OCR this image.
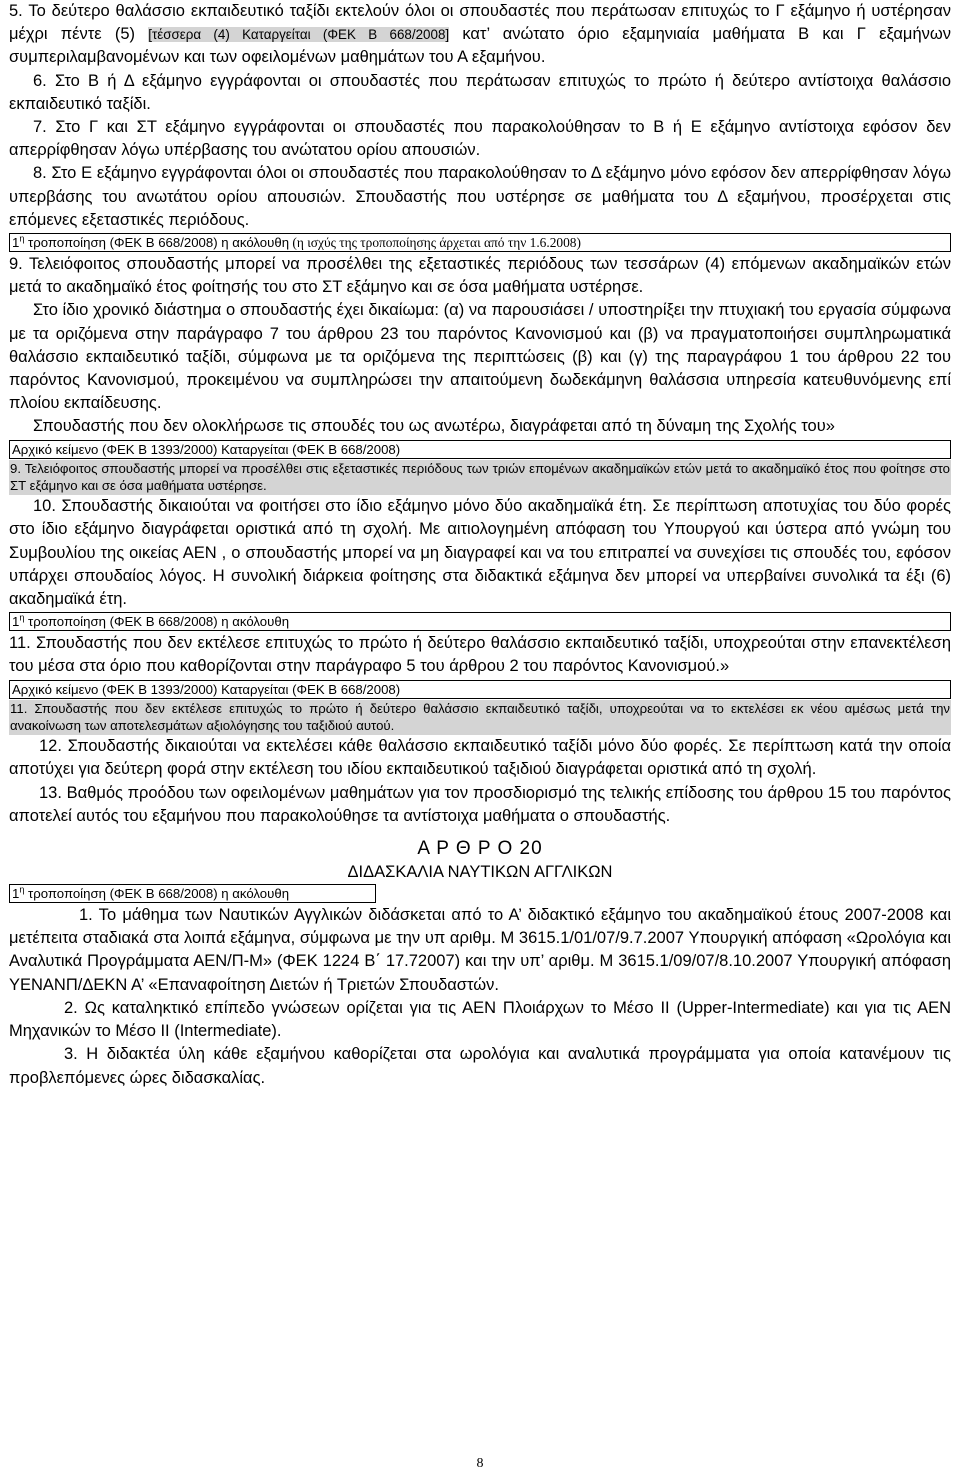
5. Το δεύτερο θαλάσσιο εκπαιδευτικό ταξίδι εκτελούν όλοι οι σπουδαστές που περάτωσαν επιτυχώς το Γ εξάμηνο ή υστέρησαν μέχρι πέντε (5) [τέσσερα (4) Καταργείται (ΦΕΚ Β 668/2008] κατ’ ανώτατο όριο εξαμηνιαία μαθήματα Β και Γ εξαμήνων συμπεριλαμβανομένων και των οφειλομένων μαθημάτων του Α εξαμήνου.

6. Στο Β ή Δ εξάμηνο εγγράφονται οι σπουδαστές που περάτωσαν επιτυχώς το πρώτο ή δεύτερο αντίστοιχα θαλάσσιο εκπαιδευτικό ταξίδι.

7. Στο Γ και ΣΤ εξάμηνο εγγράφονται οι σπουδαστές που παρακολούθησαν το Β ή Ε εξάμηνο αντίστοιχα εφόσον δεν απερρίφθησαν λόγω υπέρβασης του ανώτατου ορίου απουσιών.

8. Στο Ε εξάμηνο εγγράφονται όλοι οι σπουδαστές που παρακολούθησαν το Δ εξάμηνο μόνο εφόσον δεν απερρίφθησαν λόγω υπερβάσης του ανωτάτου ορίου απουσιών. Σπουδαστής που υστέρησε σε μαθήματα του Δ εξαμήνου, προσέρχεται στις επόμενες εξεταστικές περιόδους.

$1^\eta$ τροποποίηση (ΦΕΚ Β 668/2008) η ακόλουθη (η ισχύς της τροποποίησης άρχεται από την 1.6.2008)

9. Τελειόφοιτος σπουδαστής μπορεί να προσέλθει της εξεταστικές περιόδους των τεσσάρων (4) επόμενων ακαδημαϊκών ετών μετά το ακαδημαϊκό έτος φοίτησής του στο ΣΤ εξάμηνο και σε όσα μαθήματα υστέρησε.

Στο ίδιο χρονικό διάστημα ο σπουδαστής έχει δικαίωμα: (α) να παρουσιάσει / υποστηρίξει την πτυχιακή του εργασία σύμφωνα με τα οριζόμενα στην παράγραφο 7 του άρθρου 23 του παρόντος Κανονισμού και (β) να πραγματοποιήσει συμπληρωματικά θαλάσσιο εκπαιδευτικό ταξίδι, σύμφωνα με τα οριζόμενα της περιπτώσεις (β) και (γ) της παραγράφου 1 του άρθρου 22 του παρόντος Κανονισμού, προκειμένου να συμπληρώσει την απαιτούμενη δωδεκάμηνη θαλάσσια υπηρεσία κατευθυνόμενης επί πλοίου εκπαίδευσης.

Σπουδαστής που δεν ολοκλήρωσε τις σπουδές του ως ανωτέρω, διαγράφεται από τη δύναμη της Σχολής του»

Αρχικό κείμενο (ΦΕΚ Β 1393/2000) Καταργείται (ΦΕΚ Β 668/2008)

9. Τελειόφοιτος σπουδαστής μπορεί να προσέλθει στις εξεταστικές περιόδους των τριών επομένων ακαδημαϊκών ετών μετά το ακαδημαϊκό έτος που φοίτησε στο ΣΤ εξάμηνο και σε όσα μαθήματα υστέρησε.

10. Σπουδαστής δικαιούται να φοιτήσει στο ίδιο εξάμηνο μόνο δύο ακαδημαϊκά έτη. Σε περίπτωση αποτυχίας του δύο φορές στο ίδιο εξάμηνο διαγράφεται οριστικά από τη σχολή. Με αιτιολογημένη απόφαση του Υπουργού και ύστερα από γνώμη του Συμβουλίου της οικείας ΑΕΝ , ο σπουδαστής μπορεί να μη διαγραφεί και να του επιτραπεί να συνεχίσει τις σπουδές του, εφόσον υπάρχει σπουδαίος λόγος. Η συνολική διάρκεια φοίτησης στα διδακτικά εξάμηνα δεν μπορεί να υπερβαίνει συνολικά τα έξι (6) ακαδημαϊκά έτη.

$1^\eta$ τροποποίηση (ΦΕΚ Β 668/2008) η ακόλουθη

11. Σπουδαστής που δεν εκτέλεσε επιτυχώς το πρώτο ή δεύτερο θαλάσσιο εκπαιδευτικό ταξίδι, υποχρεούται στην επανεκτέλεση του μέσα στα όριο που καθορίζονται στην παράγραφο 5 του άρθρου 2 του παρόντος Κανονισμού.»

Αρχικό κείμενο (ΦΕΚ Β 1393/2000) Καταργείται (ΦΕΚ Β 668/2008)

11. Σπουδαστής που δεν εκτέλεσε επιτυχώς το πρώτο ή δεύτερο θαλάσσιο εκπαιδευτικό ταξίδι, υποχρεούται να το εκτελέσει εκ νέου αμέσως μετά την ανακοίνωση των αποτελεσμάτων αξιολόγησης του ταξιδιού αυτού.

12. Σπουδαστής δικαιούται να εκτελέσει κάθε θαλάσσιο εκπαιδευτικό ταξίδι μόνο δύο φορές. Σε περίπτωση κατά την οποία αποτύχει για δεύτερη φορά στην εκτέλεση του ιδίου εκπαιδευτικού ταξιδιού διαγράφεται οριστικά από τη σχολή.

13. Βαθμός προόδου των οφειλομένων μαθημάτων για τον προσδιορισμό της τελικής επίδοσης του άρθρου 15 του παρόντος αποτελεί αυτός του εξαμήνου που παρακολούθησε τα αντίστοιχα μαθήματα ο σπουδαστής.

Α Ρ Θ Ρ Ο 20

ΔΙΔΑΣΚΑΛΙΑ ΝΑΥΤΙΚΩΝ ΑΓΓΛΙΚΩΝ

$1^\eta$ τροποποίηση (ΦΕΚ Β 668/2008) η ακόλουθη

1. Το μάθημα των Ναυτικών Αγγλικών διδάσκεται από το Α’ διδακτικό εξάμηνο του ακαδημαϊκού έτους 2007-2008 και μετέπειτα σταδιακά στα λοιπά εξάμηνα, σύμφωνα με την υπ αριθμ. Μ 3615.1/01/07/9.7.2007 Υπουργική απόφαση «Ωρολόγια και Αναλυτικά Προγράμματα ΑΕΝ/Π-Μ» (ΦΕΚ 1224 Β΄ 17.72007) και την υπ’ αριθμ. Μ 3615.1/09/07/8.10.2007 Υπουργική απόφαση ΥΕΝΑΝΠ/ΔΕΚΝ Α’ «Επαναφοίτηση Διετών ή Τριετών Σπουδαστών.

2. Ως καταληκτικό επίπεδο γνώσεων ορίζεται για τις ΑΕΝ Πλοιάρχων το Μέσο ΙΙ (Upper-Intermediate) και για τις ΑΕΝ Μηχανικών το Μέσο ΙΙ (Intermediate).

3. Η διδακτέα ύλη κάθε εξαμήνου καθορίζεται στα ωρολόγια και αναλυτικά προγράμματα για οποία κατανέμουν τις προβλεπόμενες ώρες διδασκαλίας.

8
